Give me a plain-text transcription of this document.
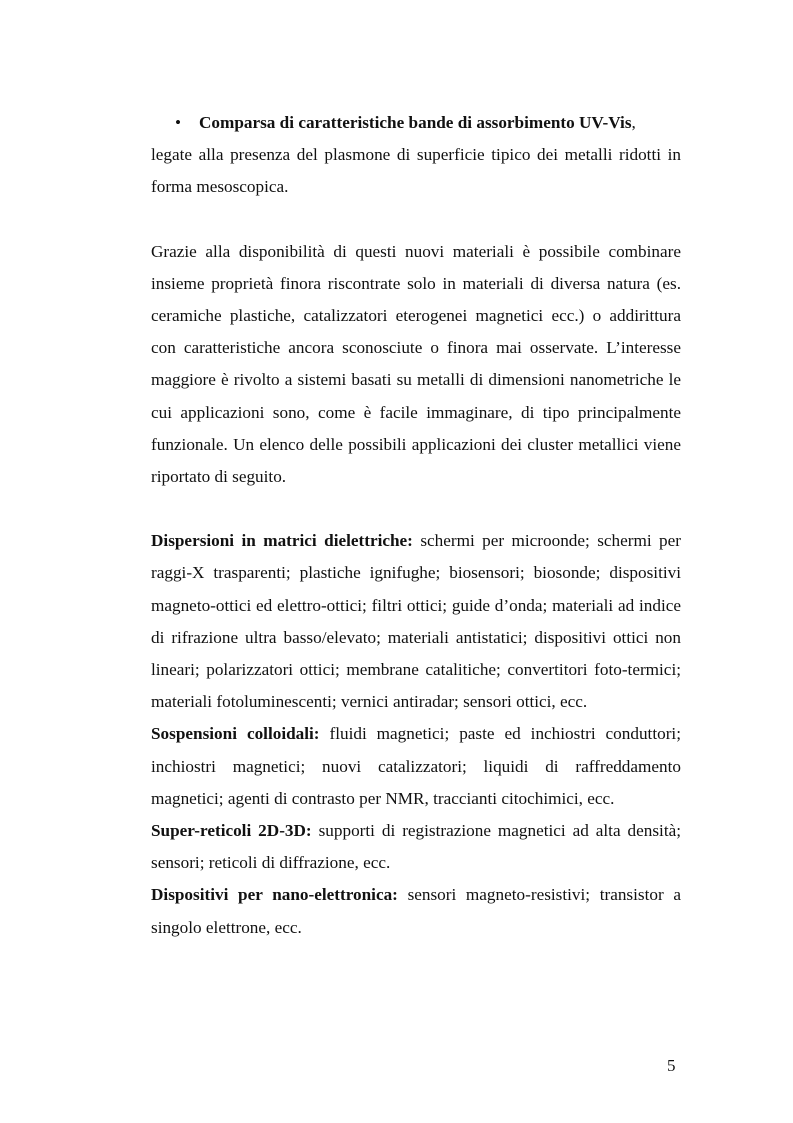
• Comparsa di caratteristiche bande di assorbimento UV-Vis,
legate alla presenza del plasmone di superficie tipico dei metalli ridotti in forma mesoscopica.

Grazie alla disponibilità di questi nuovi materiali è possibile combinare insieme proprietà finora riscontrate solo in materiali di diversa natura (es. ceramiche plastiche, catalizzatori eterogenei magnetici ecc.) o addirittura con caratteristiche ancora sconosciute o finora mai osservate. L’interesse maggiore è rivolto a sistemi basati su metalli di dimensioni nanometriche le cui applicazioni sono, come è facile immaginare, di tipo principalmente funzionale. Un elenco delle possibili applicazioni dei cluster metallici viene riportato di seguito.

Dispersioni in matrici dielettriche: schermi per microonde; schermi per raggi-X trasparenti; plastiche ignifughe; biosensori; biosonde; dispositivi magneto-ottici ed elettro-ottici; filtri ottici; guide d’onda; materiali ad indice di rifrazione ultra basso/elevato; materiali antistatici; dispositivi ottici non lineari; polarizzatori ottici; membrane catalitiche; convertitori foto-termici; materiali fotoluminescenti; vernici antiradar; sensori ottici, ecc.

Sospensioni colloidali: fluidi magnetici; paste ed inchiostri conduttori; inchiostri magnetici; nuovi catalizzatori; liquidi di raffreddamento magnetici; agenti di contrasto per NMR, traccianti citochimici, ecc.

Super-reticoli 2D-3D: supporti di registrazione magnetici ad alta densità; sensori; reticoli di diffrazione, ecc.

Dispositivi per nano-elettronica: sensori magneto-resistivi; transistor a singolo elettrone, ecc.

5
